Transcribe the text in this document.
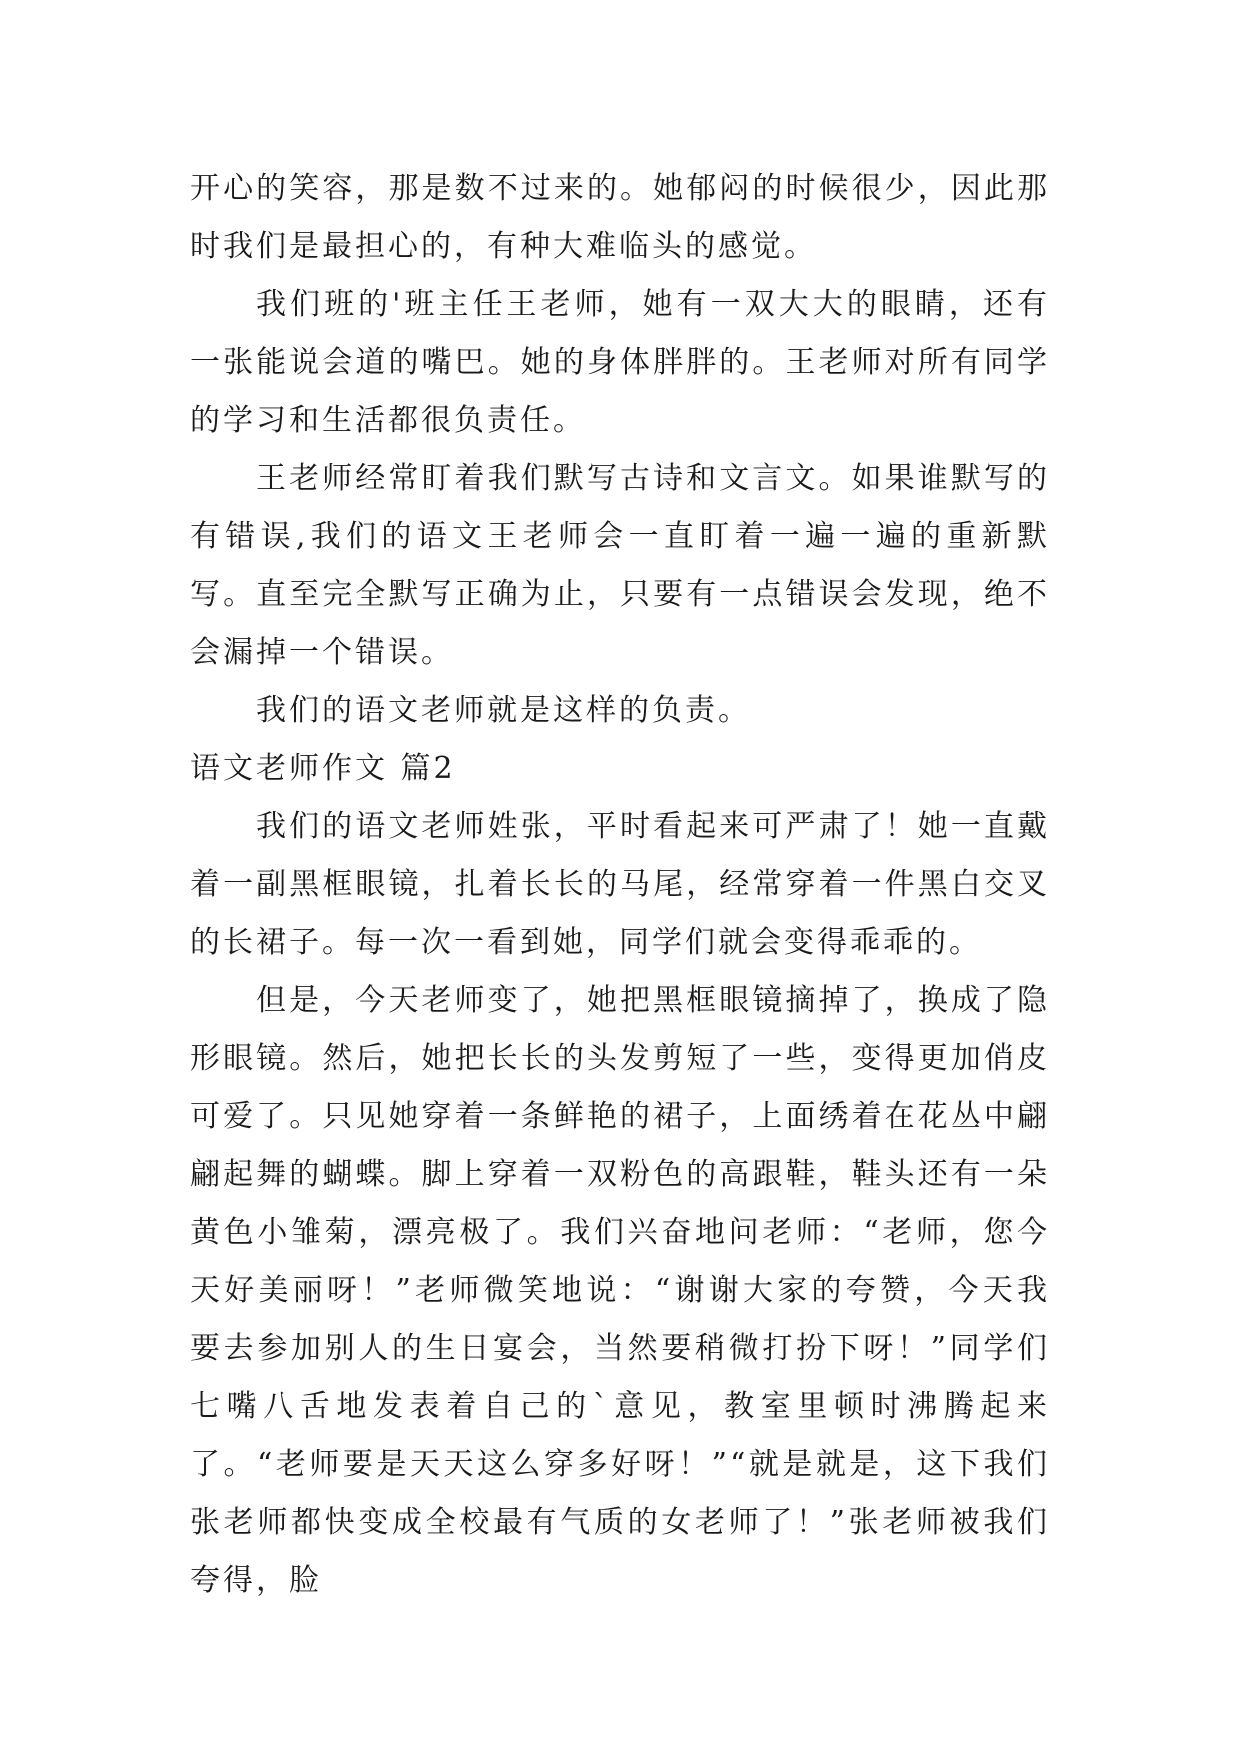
开心的笑容，那是数不过来的。她郁闷的时候很少，因此那时我们是最担心的，有种大难临头的感觉。

我们班的'班主任王老师，她有一双大大的眼睛，还有一张能说会道的嘴巴。她的身体胖胖的。王老师对所有同学的学习和生活都很负责任。

王老师经常盯着我们默写古诗和文言文。如果谁默写的有错误,我们的语文王老师会一直盯着一遍一遍的重新默写。直至完全默写正确为止，只要有一点错误会发现，绝不会漏掉一个错误。

我们的语文老师就是这样的负责。

语文老师作文 篇2

我们的语文老师姓张，平时看起来可严肃了！她一直戴着一副黑框眼镜，扎着长长的马尾，经常穿着一件黑白交叉的长裙子。每一次一看到她，同学们就会变得乖乖的。

但是，今天老师变了，她把黑框眼镜摘掉了，换成了隐形眼镜。然后，她把长长的头发剪短了一些，变得更加俏皮可爱了。只见她穿着一条鲜艳的裙子，上面绣着在花丛中翩翩起舞的蝴蝶。脚上穿着一双粉色的高跟鞋，鞋头还有一朵黄色小雏菊，漂亮极了。我们兴奋地问老师：“老师，您今天好美丽呀！”老师微笑地说：“谢谢大家的夸赞，今天我要去参加别人的生日宴会，当然要稍微打扮下呀！”同学们七嘴八舌地发表着自己的`意见，教室里顿时沸腾起来了。“老师要是天天这么穿多好呀！”“就是就是，这下我们张老师都快变成全校最有气质的女老师了！”张老师被我们夸得，脸
